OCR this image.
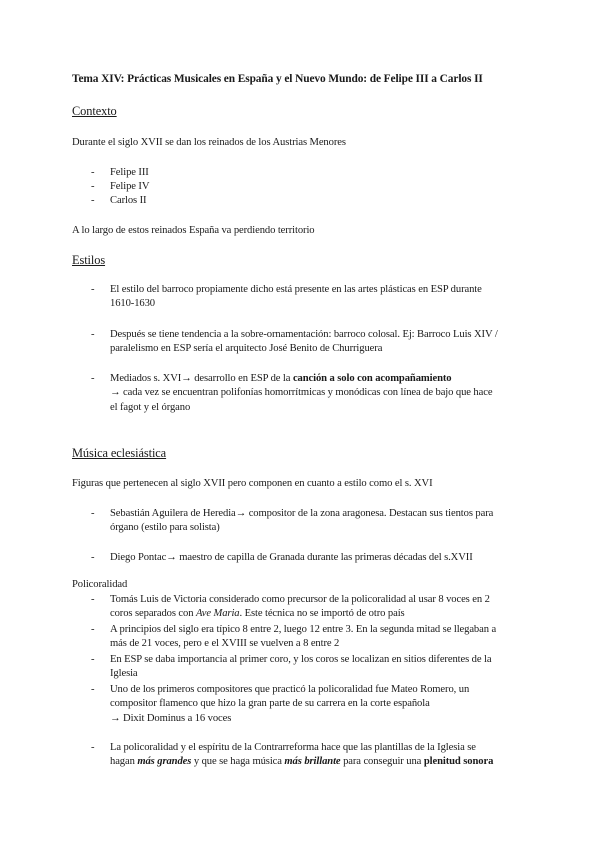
Tema XIV: Prácticas Musicales en España y el Nuevo Mundo: de Felipe III a Carlos II
Contexto
Durante el siglo XVII se dan los reinados de los Austrias Menores
- Felipe III
- Felipe IV
- Carlos II
A lo largo de estos reinados España va perdiendo territorio
Estilos
- El estilo del barroco propiamente dicho está presente en las artes plásticas en ESP durante
1610-1630
- Después se tiene tendencia a la sobre-ornamentación: barroco colosal. Ej: Barroco Luis XIV /
paralelismo en ESP sería el arquitecto José Benito de Churriguera
- Mediados s. XVI→ desarrollo en ESP de la canción a solo con acompañamiento
→ cada vez se encuentran polifonías homorrítmicas y monódicas con línea de bajo que hace
el fagot y el órgano
Música eclesiástica
Figuras que pertenecen al siglo XVII pero componen en cuanto a estilo como el s. XVI
- Sebastián Aguilera de Heredia→ compositor de la zona aragonesa. Destacan sus tientos para
órgano (estilo para solista)
- Diego Pontac→ maestro de capilla de Granada durante las primeras décadas del s.XVII
Policoralidad
- Tomás Luis de Victoria considerado como precursor de la policoralidad al usar 8 voces en 2
coros separados con Ave Maria. Este técnica no se importó de otro país
- A principios del siglo era típico 8 entre 2, luego 12 entre 3. En la segunda mitad se llegaban a
más de 21 voces, pero e el XVIII se vuelven a 8 entre 2
- En ESP se daba importancia al primer coro, y los coros se localizan en sitios diferentes de la
Iglesia
- Uno de los primeros compositores que practicó la policoralidad fue Mateo Romero, un
compositor flamenco que hizo la gran parte de su carrera en la corte española
→ Dixit Dominus a 16 voces
- La policoralidad y el espíritu de la Contrarreforma hace que las plantillas de la Iglesia se
hagan más grandes y que se haga música más brillante para conseguir una plenitud sonora
